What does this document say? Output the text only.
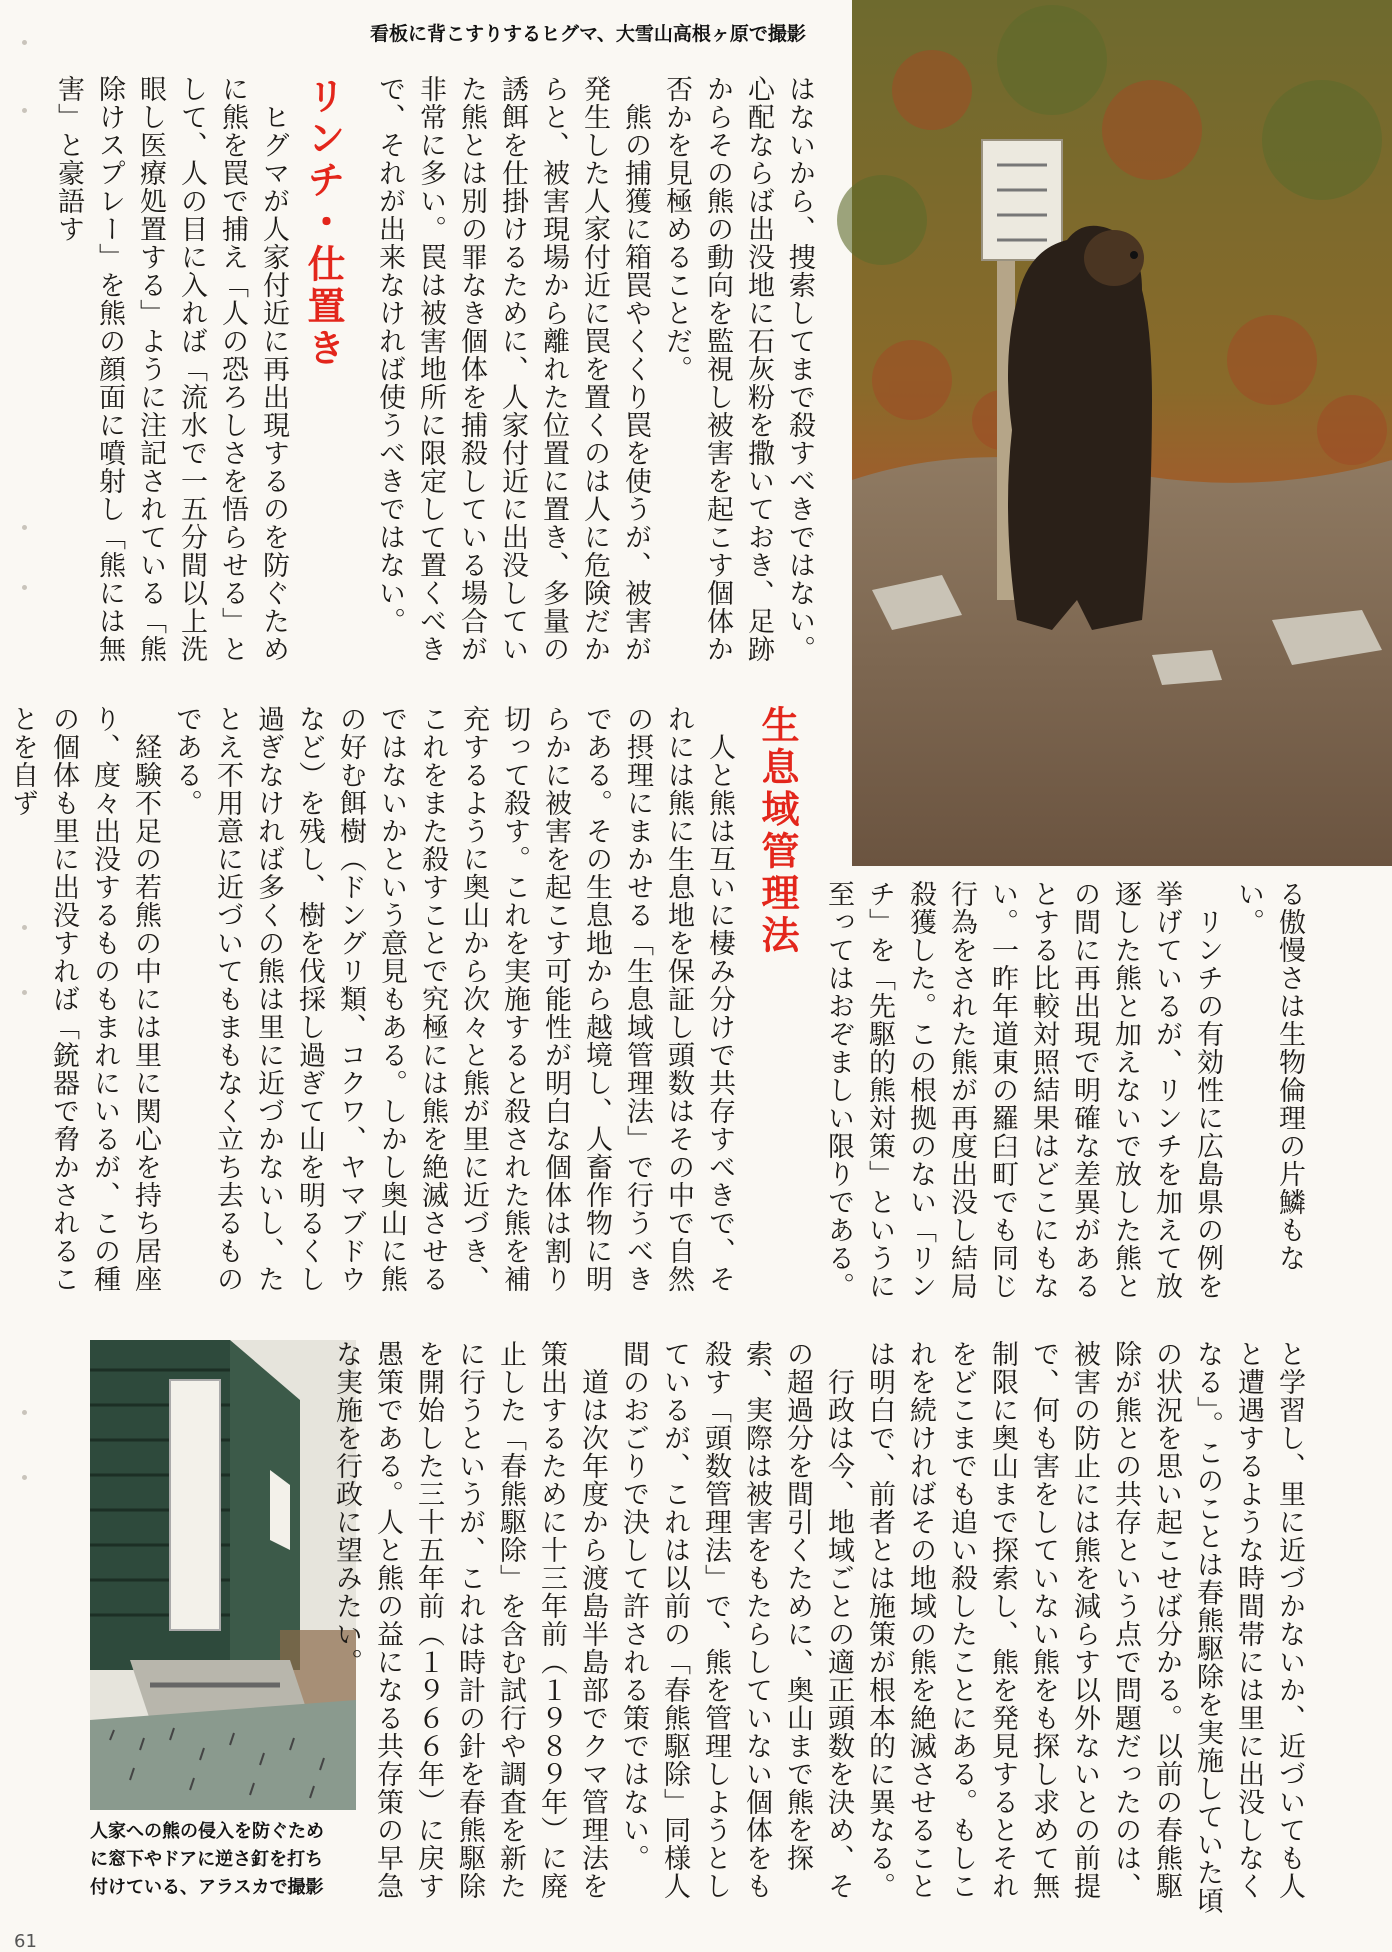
看板に背こすりするヒグマ、大雪山高根ヶ原で撮影
人家への熊の侵入を防ぐため
に窓下やドアに逆さ釘を打ち
付けている、アラスカで撮影
リンチ・仕置き
生息域管理法
はないから、捜索してまで殺すべきではない。心配ならば出没地に石灰粉を撒いておき、足跡からその熊の動向を監視し被害を起こす個体か否かを見極めることだ。
　熊の捕獲に箱罠やくくり罠を使うが、被害が発生した人家付近に罠を置くのは人に危険だからと、被害現場から離れた位置に置き、多量の誘餌を仕掛けるために、人家付近に出没していた熊とは別の罪なき個体を捕殺している場合が非常に多い。罠は被害地所に限定して置くべきで、それが出来なければ使うべきではない。
　ヒグマが人家付近に再出現するのを防ぐために熊を罠で捕え「人の恐ろしさを悟らせる」として、人の目に入れば「流水で一五分間以上洗眼し医療処置する」ように注記されている「熊除けスプレー」を熊の顔面に噴射し「熊には無害」と豪語す
る傲慢さは生物倫理の片鱗もない。
　リンチの有効性に広島県の例を挙げているが、リンチを加えて放逐した熊と加えないで放した熊との間に再出現で明確な差異があるとする比較対照結果はどこにもない。一昨年道東の羅臼町でも同じ行為をされた熊が再度出没し結局殺獲した。この根拠のない「リンチ」を「先駆的熊対策」というに至ってはおぞましい限りである。
　人と熊は互いに棲み分けで共存すべきで、それには熊に生息地を保証し頭数はその中で自然の摂理にまかせる「生息域管理法」で行うべきである。その生息地から越境し、人畜作物に明らかに被害を起こす可能性が明白な個体は割り切って殺す。これを実施すると殺された熊を補充するように奥山から次々と熊が里に近づき、これをまた殺すことで究極には熊を絶滅させるではないかという意見もある。しかし奥山に熊の好む餌樹（ドングリ類、コクワ、ヤマブドウなど）を残し、樹を伐採し過ぎて山を明るくし過ぎなければ多くの熊は里に近づかないし、たとえ不用意に近づいてもまもなく立ち去るものである。
　経験不足の若熊の中には里に関心を持ち居座り、度々出没するものもまれにいるが、この種の個体も里に出没すれば「銃器で脅かされることを自ず
と学習し、里に近づかないか、近づいても人と遭遇するような時間帯には里に出没しなくなる」。このことは春熊駆除を実施していた頃の状況を思い起こせば分かる。以前の春熊駆除が熊との共存という点で問題だったのは、被害の防止には熊を減らす以外ないとの前提で、何も害をしていない熊をも探し求めて無制限に奥山まで探索し、熊を発見するとそれをどこまでも追い殺したことにある。もしこれを続ければその地域の熊を絶滅させることは明白で、前者とは施策が根本的に異なる。
　行政は今、地域ごとの適正頭数を決め、その超過分を間引くために、奥山まで熊を探索、実際は被害をもたらしていない個体をも殺す「頭数管理法」で、熊を管理しようとしているが、これは以前の「春熊駆除」同様人間のおごりで決して許される策ではない。
　道は次年度から渡島半島部でクマ管理法を策出するために十三年前（１９８９年）に廃止した「春熊駆除」を含む試行や調査を新たに行うというが、これは時計の針を春熊駆除を開始した三十五年前（１９６６年）に戻す愚策である。人と熊の益になる共存策の早急な実施を行政に望みたい。
61
